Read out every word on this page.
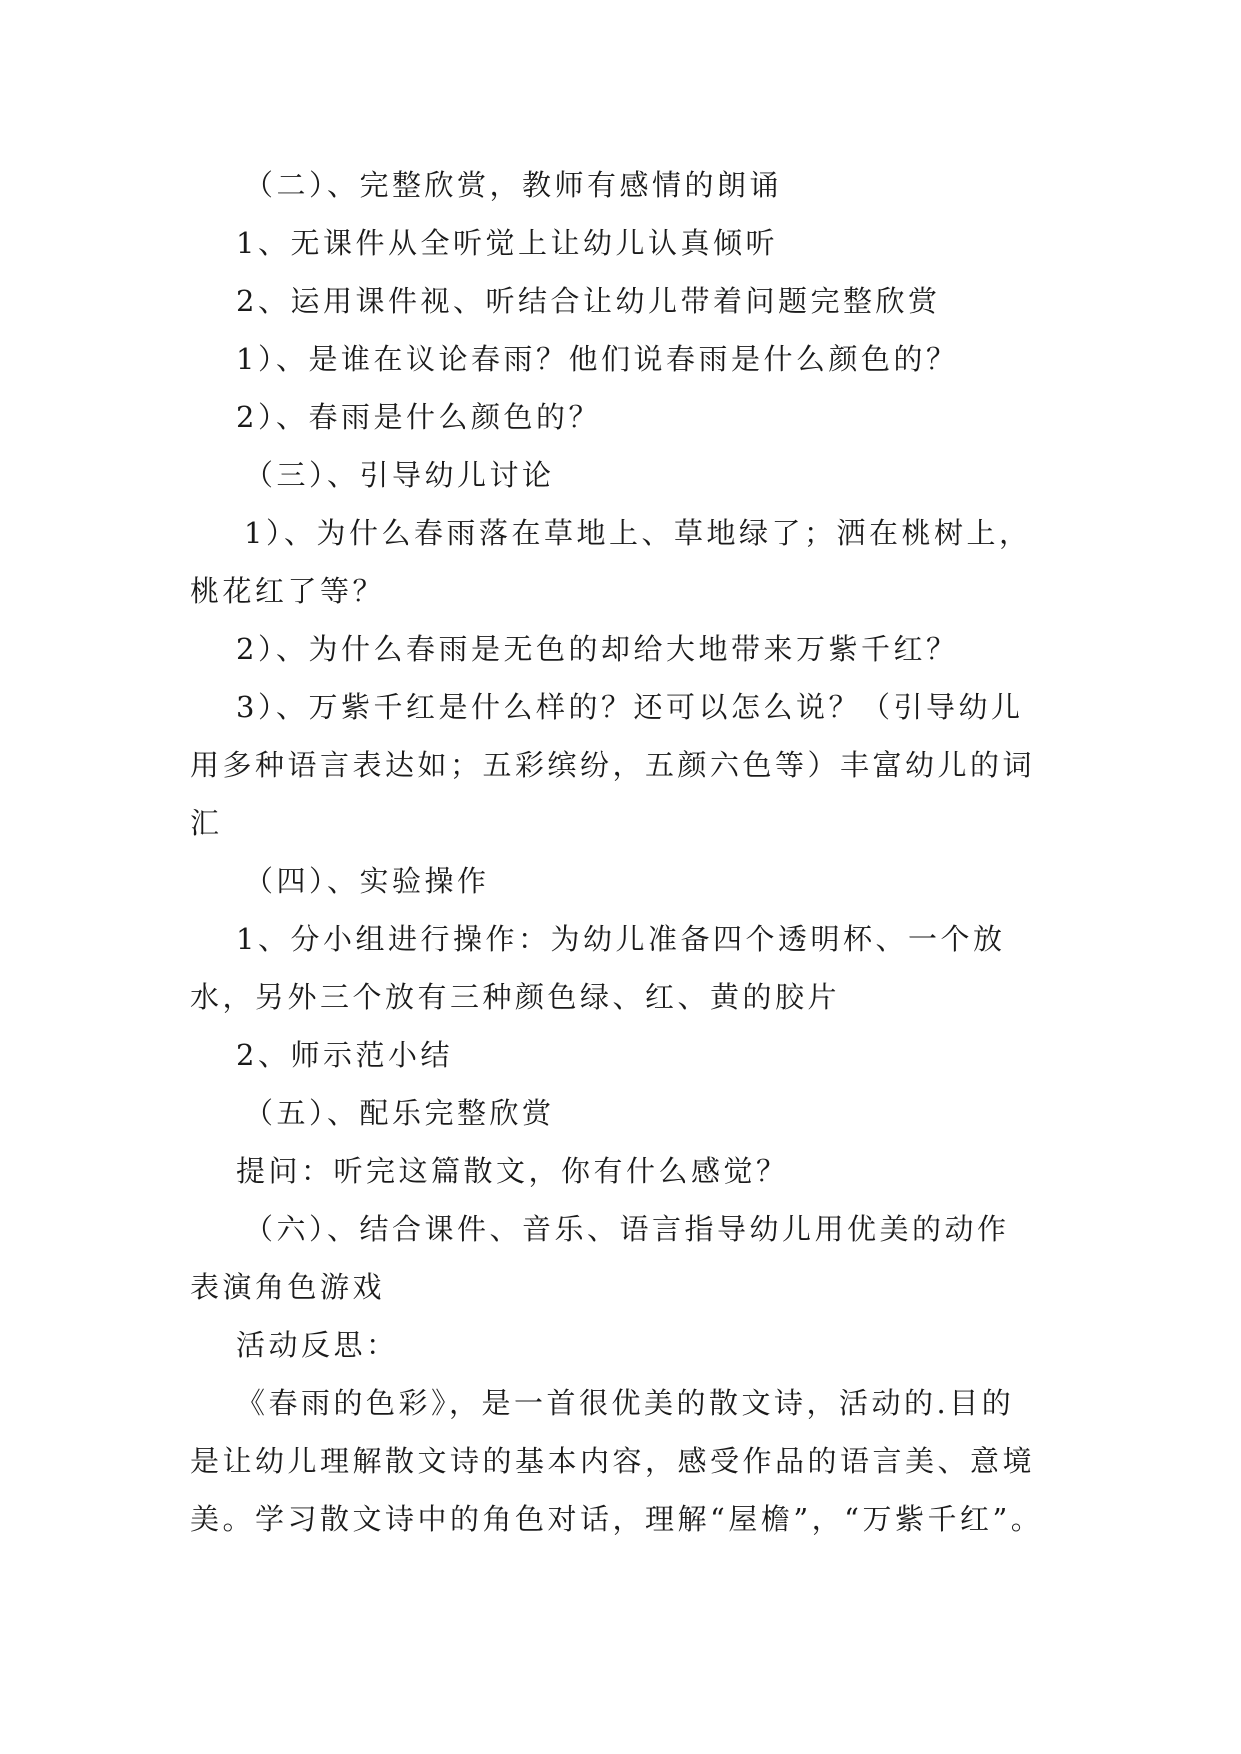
（二）、完整欣赏，教师有感情的朗诵
1、无课件从全听觉上让幼儿认真倾听
2、运用课件视、听结合让幼儿带着问题完整欣赏
1）、是谁在议论春雨？他们说春雨是什么颜色的？
2）、春雨是什么颜色的？
（三）、引导幼儿讨论
1）、为什么春雨落在草地上、草地绿了；洒在桃树上，
桃花红了等？
2）、为什么春雨是无色的却给大地带来万紫千红？
3）、万紫千红是什么样的？还可以怎么说？（引导幼儿
用多种语言表达如；五彩缤纷，五颜六色等）丰富幼儿的词
汇
（四）、实验操作
1、分小组进行操作：为幼儿准备四个透明杯、一个放
水，另外三个放有三种颜色绿、红、黄的胶片
2、师示范小结
（五）、配乐完整欣赏
提问：听完这篇散文，你有什么感觉？
（六）、结合课件、音乐、语言指导幼儿用优美的动作
表演角色游戏
活动反思：
《春雨的色彩》，是一首很优美的散文诗，活动的.目的
是让幼儿理解散文诗的基本内容，感受作品的语言美、意境
美。学习散文诗中的角色对话，理解“屋檐”，“万紫千红”。
